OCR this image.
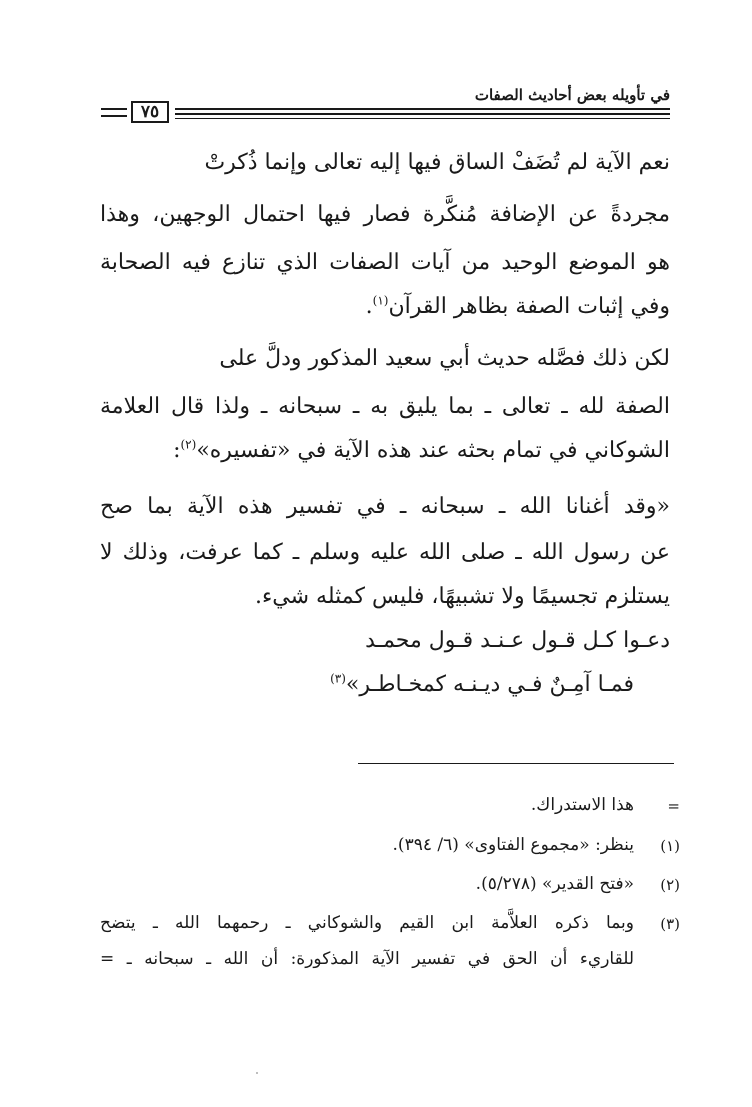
في تأويله بعض أحاديث الصفات
٧٥
نعم الآية لم تُضَفْ الساق فيها إليه تعالى وإنما ذُكرتْ
مجردةً عن الإضافة مُنكَّرة فصار فيها احتمال الوجهين، وهذا
هو الموضع الوحيد من آيات الصفات الذي تنازع فيه الصحابة
وفي إثبات الصفة بظاهر القرآن$^{(١)}$.
لكن ذلك فصَّله حديث أبي سعيد المذكور ودلَّ على
الصفة لله ـ تعالى ـ بما يليق به ـ سبحانه ـ ولذا قال العلامة
الشوكاني في تمام بحثه عند هذه الآية في «تفسيره»$^{(٢)}$:
«وقد أغنانا الله ـ سبحانه ـ في تفسير هذه الآية بما صح
عن رسول الله ـ صلى الله عليه وسلم ـ كما عرفت، وذلك لا
يستلزم تجسيمًا ولا تشبيهًا، فليس كمثله شيء.
دعـوا كـل قـول عـنـد قـول محمـد
فمـا آمِـنٌ فـي ديـنـه كمخـاطـر»$^{(٣)}$
=
هذا الاستدراك.
(١)
ينظر: «مجموع الفتاوى» (٦/ ٣٩٤).
(٢)
«فتح القدير» (٥/٢٧٨).
(٣)
وبما ذكره العلاَّمة ابن القيم والشوكاني ـ رحمهما الله ـ يتضح
للقاريء أن الحق في تفسير الآية المذكورة: أن الله ـ سبحانه ـ =
